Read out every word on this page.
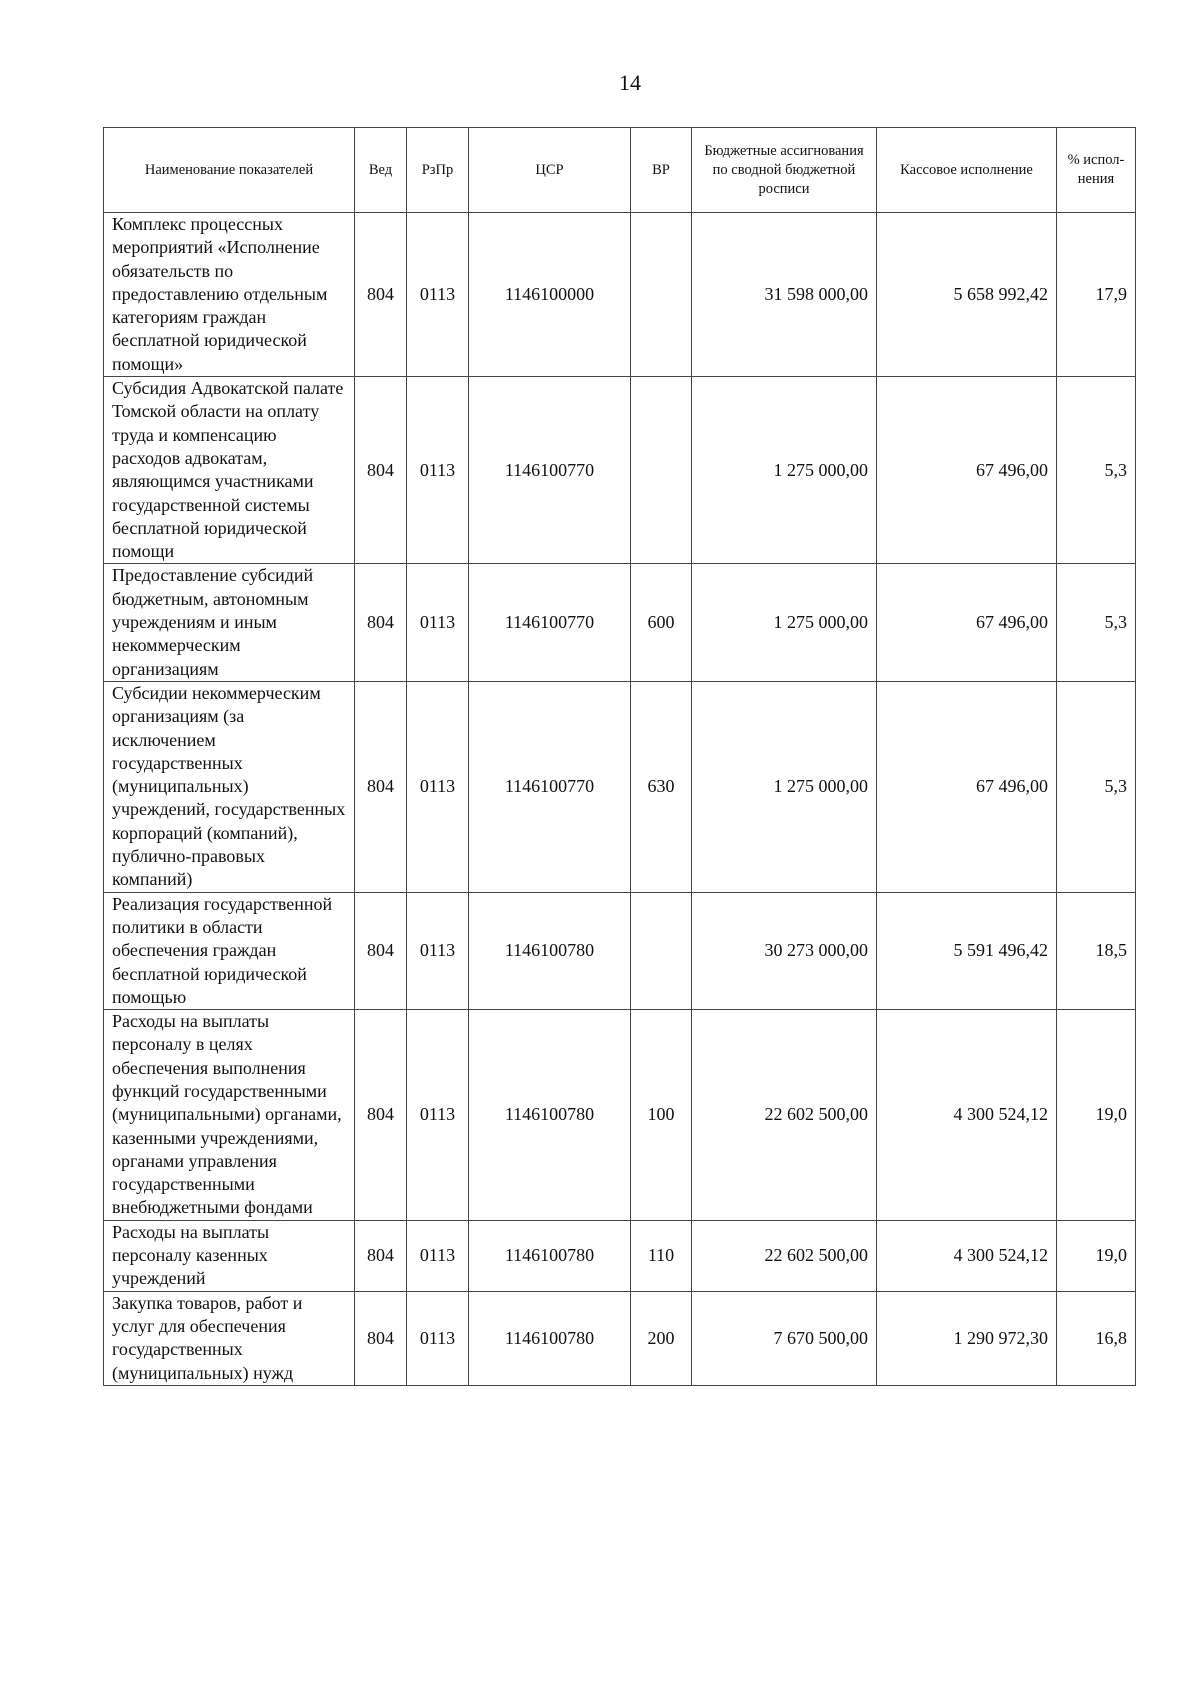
14
Наименование показателей	Вед	РзПр	ЦСР	ВР	Бюджетные ассигнования по сводной бюджетной росписи	Кассовое исполнение	% испол-нения
Комплекс процессных мероприятий «Исполнение обязательств по предоставлению отдельным категориям граждан бесплатной юридической помощи»	804	0113	1146100000		31 598 000,00	5 658 992,42	17,9
Субсидия Адвокатской палате Томской области на оплату труда и компенсацию расходов адвокатам, являющимся участниками государственной системы бесплатной юридической помощи	804	0113	1146100770		1 275 000,00	67 496,00	5,3
Предоставление субсидий бюджетным, автономным учреждениям и иным некоммерческим организациям	804	0113	1146100770	600	1 275 000,00	67 496,00	5,3
Субсидии некоммерческим организациям (за исключением государственных (муниципальных) учреждений, государственных корпораций (компаний), публично-правовых компаний)	804	0113	1146100770	630	1 275 000,00	67 496,00	5,3
Реализация государственной политики в области обеспечения граждан бесплатной юридической помощью	804	0113	1146100780		30 273 000,00	5 591 496,42	18,5
Расходы на выплаты персоналу в целях обеспечения выполнения функций государственными (муниципальными) органами, казенными учреждениями, органами управления государственными внебюджетными фондами	804	0113	1146100780	100	22 602 500,00	4 300 524,12	19,0
Расходы на выплаты персоналу казенных учреждений	804	0113	1146100780	110	22 602 500,00	4 300 524,12	19,0
Закупка товаров, работ и услуг для обеспечения государственных (муниципальных) нужд	804	0113	1146100780	200	7 670 500,00	1 290 972,30	16,8
